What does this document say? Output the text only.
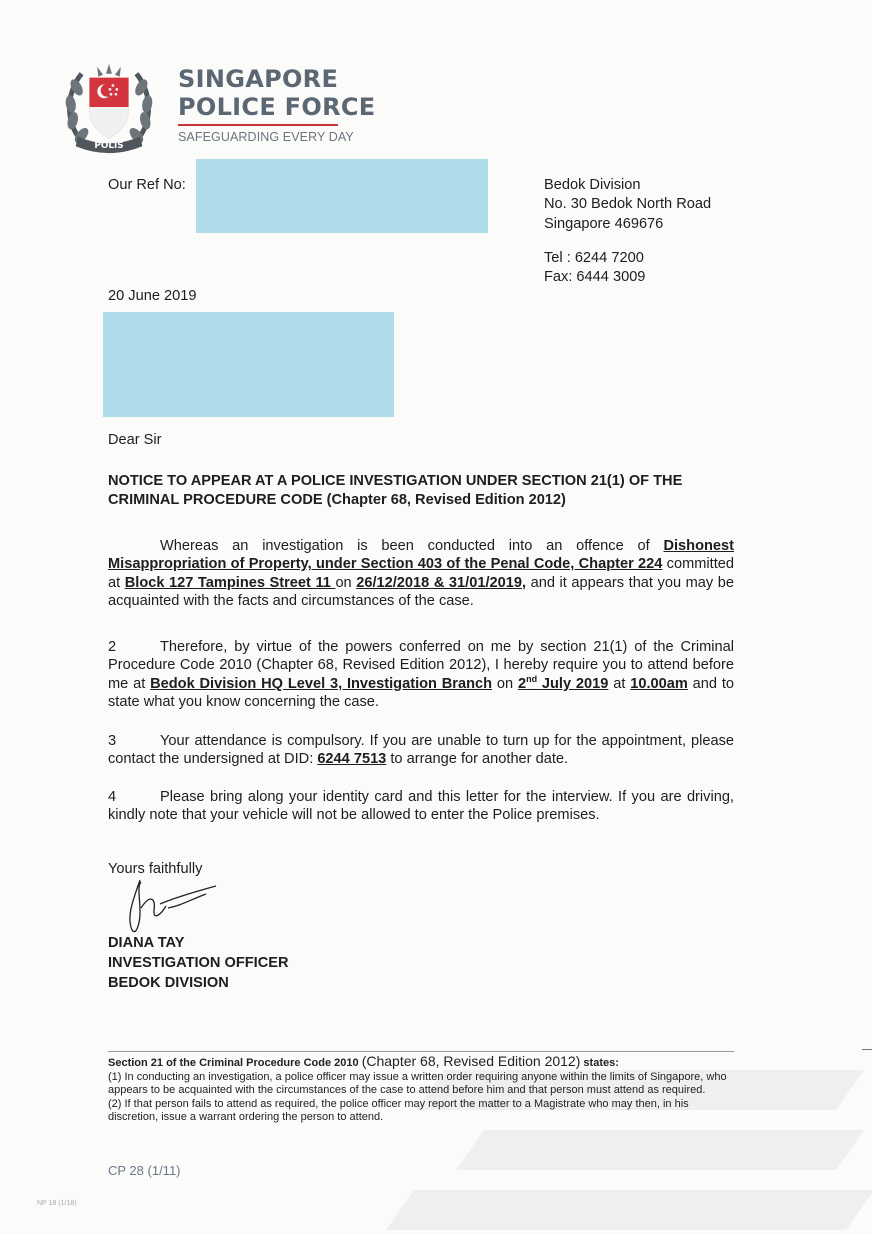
POLIS
SINGAPORE
POLICE FORCE
SAFEGUARDING EVERY DAY
Our Ref No:	Bedok Division
No. 30 Bedok North Road
Singapore 469676
Tel : 6244 7200
Fax: 6444 3009
20 June 2019
Dear Sir
NOTICE TO APPEAR AT A POLICE INVESTIGATION UNDER SECTION 21(1) OF THE CRIMINAL PROCEDURE CODE (Chapter 68, Revised Edition 2012)
Whereas an investigation is been conducted into an offence of Dishonest Misappropriation of Property, under Section 403 of the Penal Code, Chapter 224 committed at Block 127 Tampines Street 11 on 26/12/2018 & 31/01/2019, and it appears that you may be acquainted with the facts and circumstances of the case.
2	Therefore, by virtue of the powers conferred on me by section 21(1) of the Criminal Procedure Code 2010 (Chapter 68, Revised Edition 2012), I hereby require you to attend before me at Bedok Division HQ Level 3, Investigation Branch on 2nd July 2019 at 10.00am and to state what you know concerning the case.
3	Your attendance is compulsory. If you are unable to turn up for the appointment, please contact the undersigned at DID: 6244 7513 to arrange for another date.
4	Please bring along your identity card and this letter for the interview. If you are driving, kindly note that your vehicle will not be allowed to enter the Police premises.
Yours faithfully
DIANA TAY
INVESTIGATION OFFICER
BEDOK DIVISION
Section 21 of the Criminal Procedure Code 2010 (Chapter 68, Revised Edition 2012) states:
(1) In conducting an investigation, a police officer may issue a written order requiring anyone within the limits of Singapore, who appears to be acquainted with the circumstances of the case to attend before him and that person must attend as required.
(2) If that person fails to attend as required, the police officer may report the matter to a Magistrate who may then, in his discretion, issue a warrant ordering the person to attend.
CP 28 (1/11)
NP 18 (1/18)
